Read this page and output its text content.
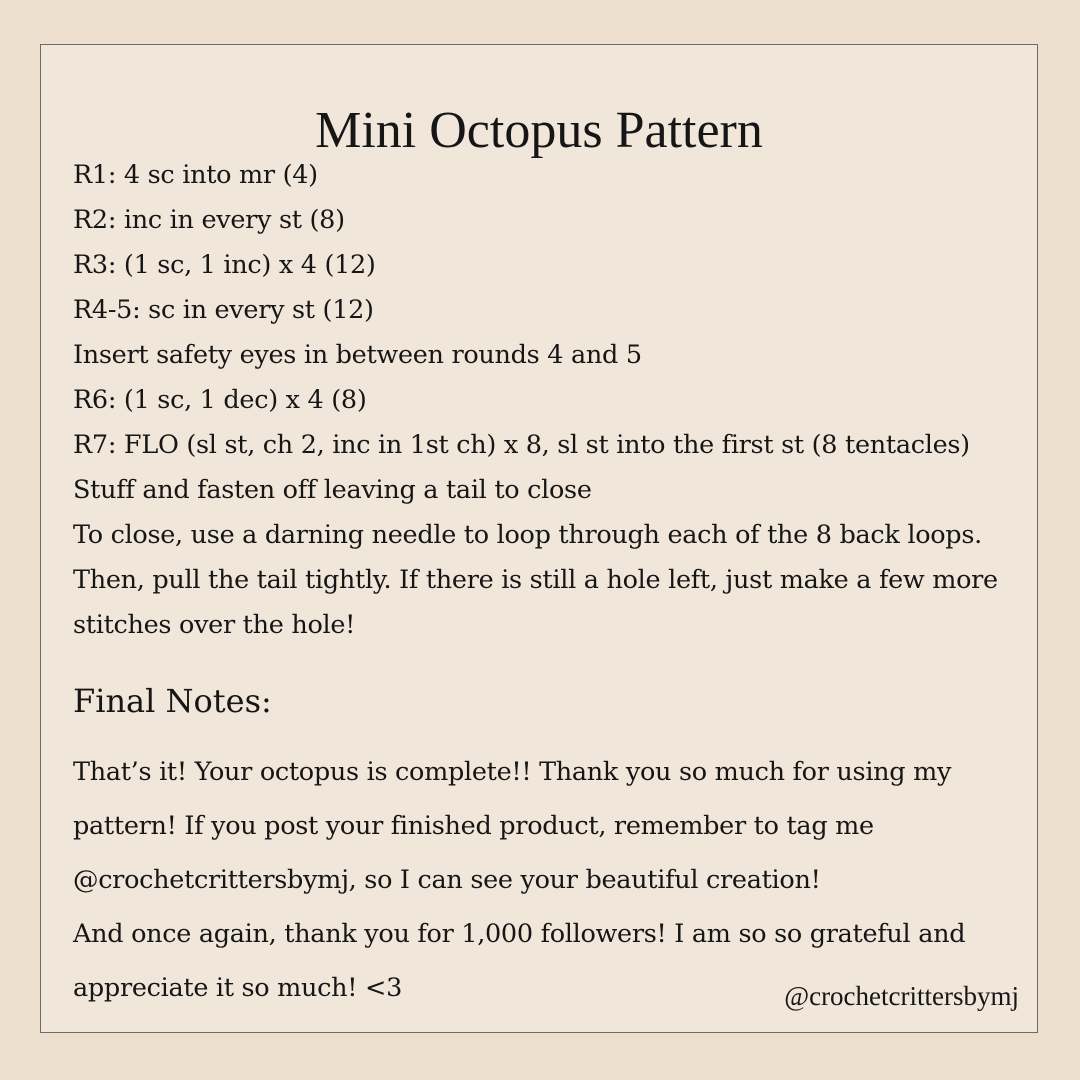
Mini Octopus Pattern
R1: 4 sc into mr (4)
R2: inc in every st (8)
R3: (1 sc, 1 inc) x 4 (12)
R4-5: sc in every st (12)
Insert safety eyes in between rounds 4 and 5
R6: (1 sc, 1 dec) x 4 (8)
R7: FLO (sl st, ch 2, inc in 1st ch) x 8, sl st into the first st (8 tentacles)
Stuff and fasten off leaving a tail to close
To close, use a darning needle to loop through each of the 8 back loops.
Then, pull the tail tightly. If there is still a hole left, just make a few more
stitches over the hole!
Final Notes:
That’s it! Your octopus is complete!! Thank you so much for using my
pattern! If you post your finished product, remember to tag me
@crochetcrittersbymj, so I can see your beautiful creation!
And once again, thank you for 1,000 followers! I am so so grateful and
appreciate it so much! <3	@crochetcrittersbymj
